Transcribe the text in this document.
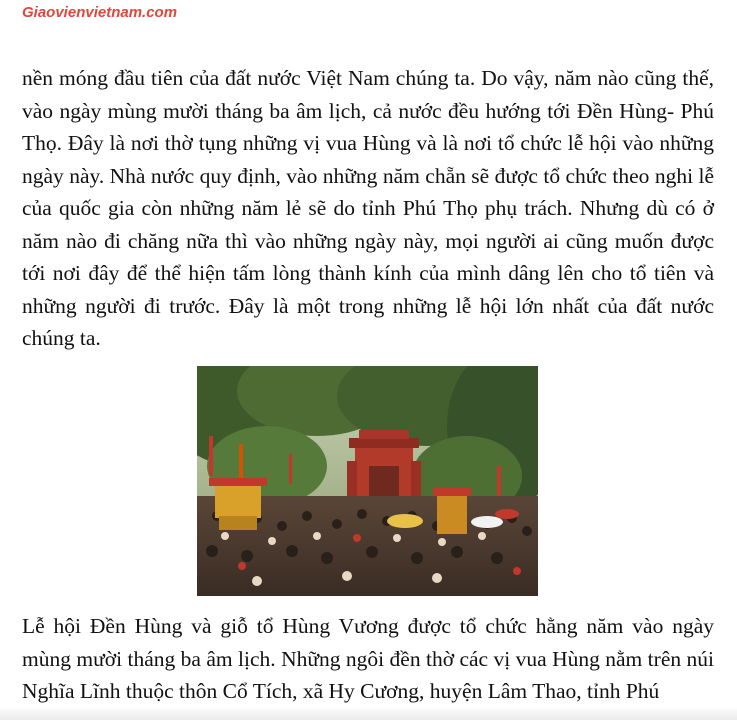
Giaovienvietnam.com

nền móng đầu tiên của đất nước Việt Nam chúng ta. Do vậy, năm nào cũng thế, vào ngày mùng mười tháng ba âm lịch, cả nước đều hướng tới Đền Hùng- Phú Thọ. Đây là nơi thờ tụng những vị vua Hùng và là nơi tổ chức lễ hội vào những ngày này. Nhà nước quy định, vào những năm chẵn sẽ được tổ chức theo nghi lễ của quốc gia còn những năm lẻ sẽ do tỉnh Phú Thọ phụ trách. Nhưng dù có ở năm nào đi chăng nữa thì vào những ngày này, mọi người ai cũng muốn được tới nơi đây để thể hiện tấm lòng thành kính của mình dâng lên cho tổ tiên và những người đi trước. Đây là một trong những lễ hội lớn nhất của đất nước chúng ta.

Lễ hội Đền Hùng và giỗ tổ Hùng Vương được tổ chức hằng năm vào ngày mùng mười tháng ba âm lịch. Những ngôi đền thờ các vị vua Hùng nằm trên núi Nghĩa Lĩnh thuộc thôn Cổ Tích, xã Hy Cương, huyện Lâm Thao, tỉnh Phú
